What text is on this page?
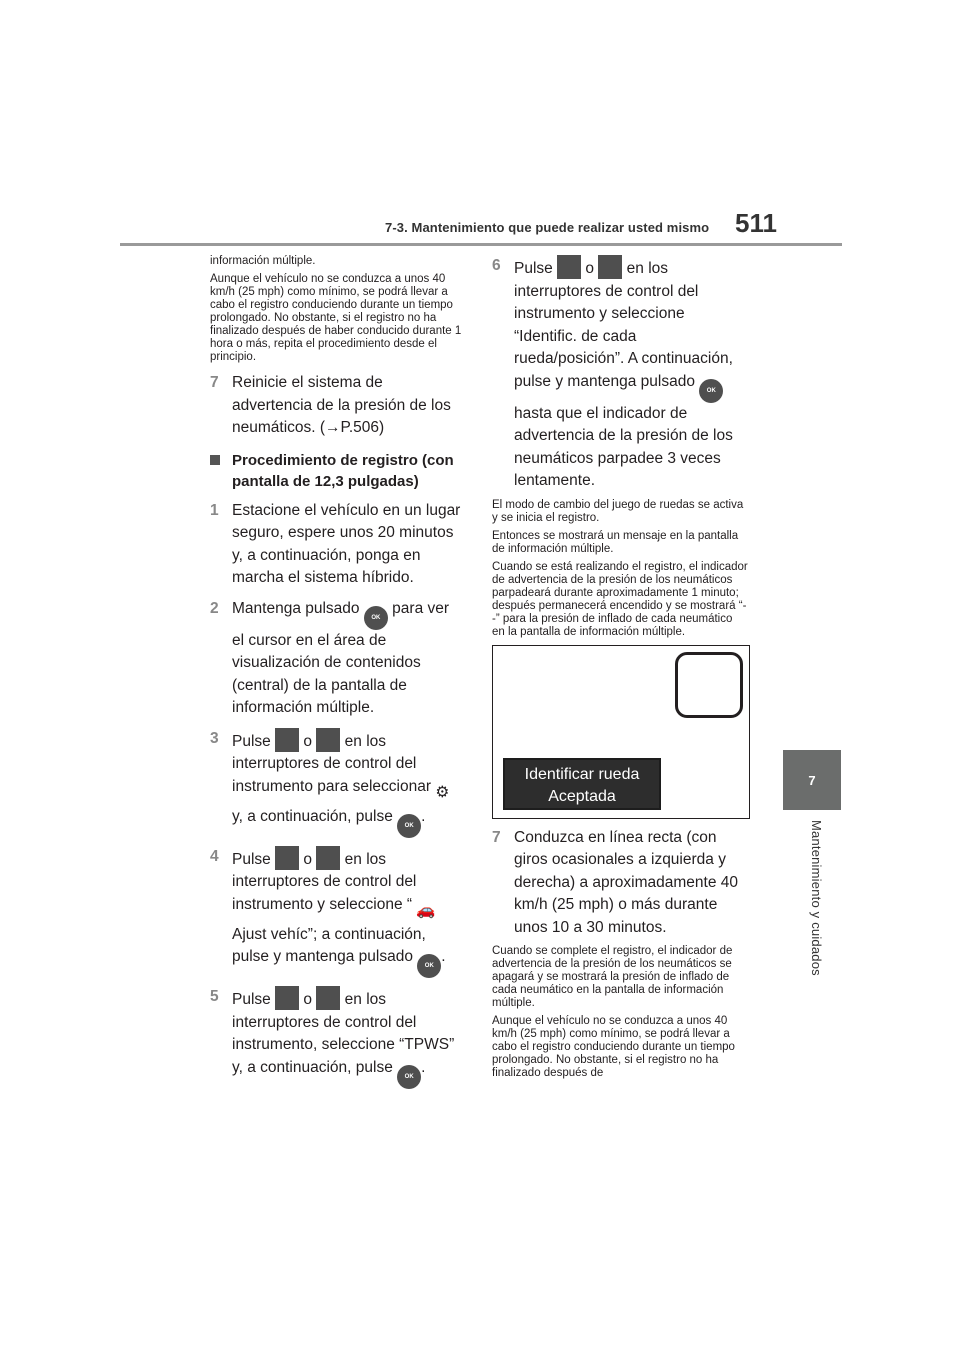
7-3. Mantenimiento que puede realizar usted mismo 511
7
Mantenimiento y cuidados

información múltiple.

Aunque el vehículo no se conduzca a unos 40 km/h (25 mph) como mínimo, se podrá llevar a cabo el registro conduciendo durante un tiempo prolongado. No obstante, si el registro no ha finalizado después de haber conducido durante 1 hora o más, repita el procedimiento desde el principio.

7 Reinicie el sistema de advertencia de la presión de los neumáticos. (→P.506)
Procedimiento de registro (con pantalla de 12,3 pulgadas)
1 Estacione el vehículo en un lugar seguro, espere unos 20 minutos y, a continuación, ponga en marcha el sistema híbrido.
2 Mantenga pulsado OK para ver el cursor en el área de visualización de contenidos (central) de la pantalla de información múltiple.
3 Pulse o en los interruptores de control del instrumento para seleccionar ⚙ y, a continuación, pulse OK.
4 Pulse o en los interruptores de control del instrumento y seleccione “ 🚗 Ajust vehíc”; a continuación, pulse y mantenga pulsado OK.
5 Pulse o en los interruptores de control del instrumento, seleccione “TPWS” y, a continuación, pulse OK.
6 Pulse o en los interruptores de control del instrumento y seleccione “Identific. de cada rueda/posición”. A continuación, pulse y mantenga pulsado OK hasta que el indicador de advertencia de la presión de los neumáticos parpadee 3 veces lentamente.

El modo de cambio del juego de ruedas se activa y se inicia el registro.

Entonces se mostrará un mensaje en la pantalla de información múltiple.

Cuando se está realizando el registro, el indicador de advertencia de la presión de los neumáticos parpadeará durante aproximadamente 1 minuto; después permanecerá encendido y se mostrará “--” para la presión de inflado de cada neumático en la pantalla de información múltiple.

Identificar rueda
Aceptada
7 Conduzca en línea recta (con giros ocasionales a izquierda y derecha) a aproximadamente 40 km/h (25 mph) o más durante unos 10 a 30 minutos.

Cuando se complete el registro, el indicador de advertencia de la presión de los neumáticos se apagará y se mostrará la presión de inflado de cada neumático en la pantalla de información múltiple.

Aunque el vehículo no se conduzca a unos 40 km/h (25 mph) como mínimo, se podrá llevar a cabo el registro conduciendo durante un tiempo prolongado. No obstante, si el registro no ha finalizado después de
